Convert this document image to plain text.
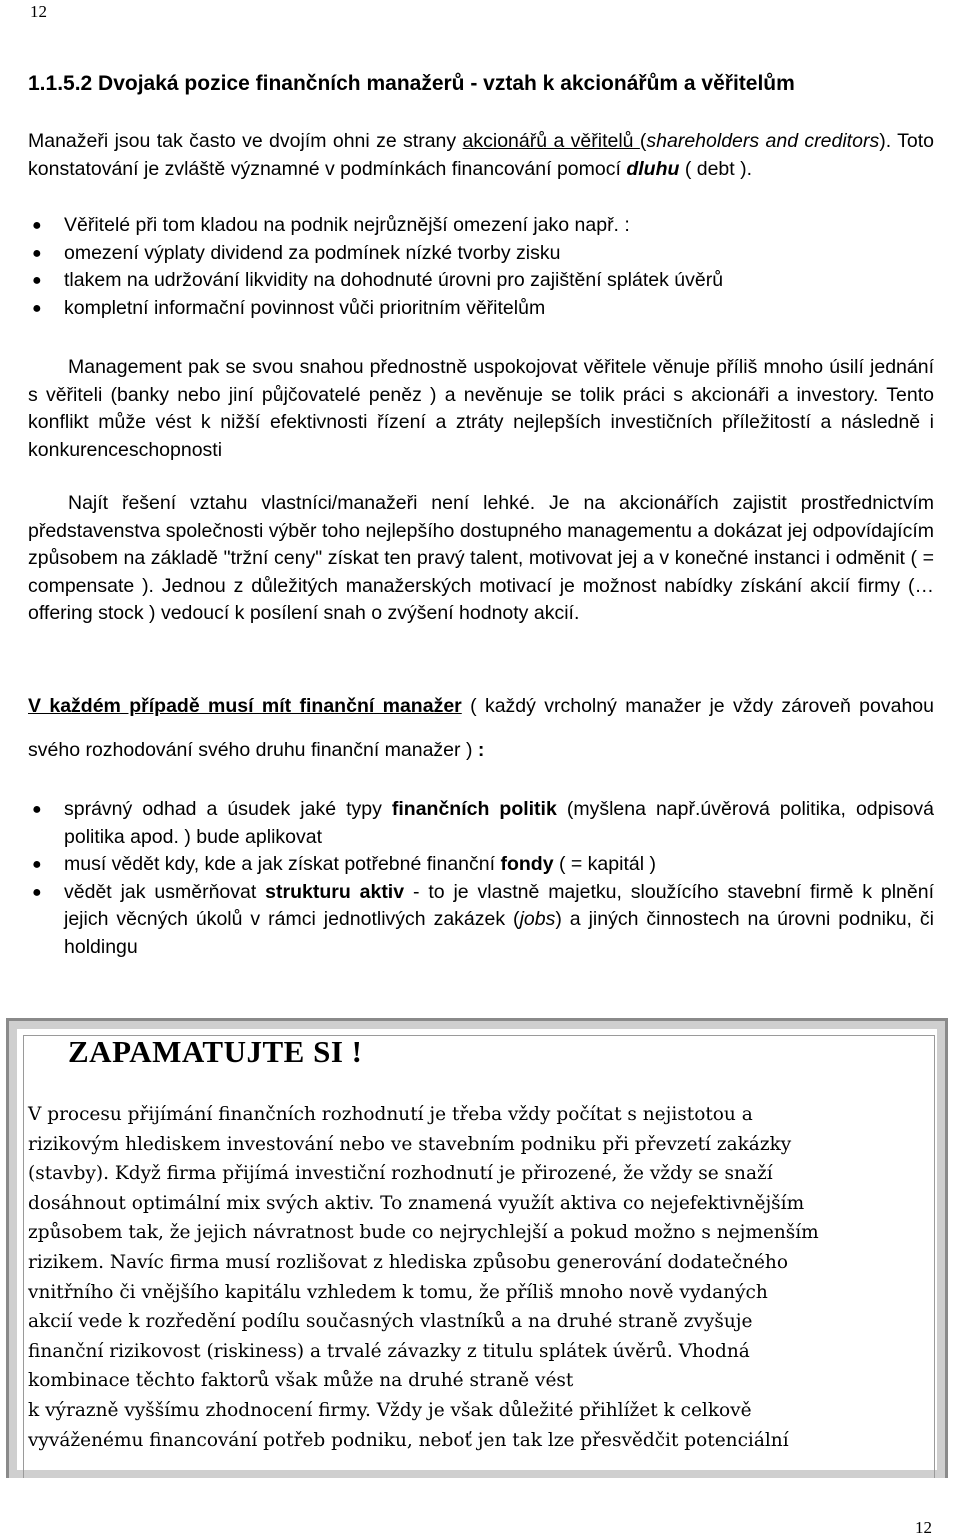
12
1.1.5.2 Dvojaká pozice finančních manažerů - vztah k akcionářům a věřitelům
Manažeři jsou tak často ve dvojím ohni ze strany akcionářů a věřitelů (shareholders and creditors). Toto konstatování je zvláště významné v podmínkách financování pomocí dluhu ( debt ).
● Věřitelé při tom kladou na podnik nejrůznější omezení jako např. :
● omezení výplaty dividend za podmínek nízké tvorby zisku
● tlakem na udržování likvidity na dohodnuté úrovni pro zajištění splátek úvěrů
● kompletní informační povinnost vůči prioritním věřitelům
Management pak se svou snahou přednostně uspokojovat věřitele věnuje příliš mnoho úsilí jednání s věřiteli (banky nebo jiní půjčovatelé peněz ) a nevěnuje se tolik práci s akcionáři a investory. Tento konflikt může vést k nižší efektivnosti řízení a ztráty nejlepších investičních příležitostí a následně i konkurenceschopnosti
Najít řešení vztahu vlastníci/manažeři není lehké. Je na akcionářích zajistit prostřednictvím představenstva společnosti výběr toho nejlepšího dostupného managementu a dokázat jej odpovídajícím způsobem na základě "tržní ceny" získat ten pravý talent, motivovat jej a v konečné instanci i odměnit ( = compensate ). Jednou z důležitých manažerských motivací je možnost nabídky získání akcií firmy (… offering stock ) vedoucí k posílení snah o zvýšení hodnoty akcií.
V každém případě musí mít finanční manažer ( každý vrcholný manažer je vždy zároveň povahou svého rozhodování svého druhu finanční manažer ) :
● správný odhad a úsudek jaké typy finančních politik (myšlena např.úvěrová politika, odpisová politika apod. ) bude aplikovat
● musí vědět kdy, kde a jak získat potřebné finanční fondy ( = kapitál )
● vědět jak usměrňovat strukturu aktiv - to je vlastně majetku, sloužícího stavební firmě k plnění jejich věcných úkolů v rámci jednotlivých zakázek (jobs) a jiných činnostech na úrovni podniku, či holdingu
ZAPAMATUJTE SI !
V procesu přijímání finančních rozhodnutí je třeba vždy počítat s nejistotou a
rizikovým hlediskem investování nebo ve stavebním podniku při převzetí zakázky
(stavby). Když firma přijímá investiční rozhodnutí je přirozené, že vždy se snaží
dosáhnout optimální mix svých aktiv. To znamená využít aktiva co nejefektivnějším
způsobem tak, že jejich návratnost bude co nejrychlejší a pokud možno s nejmenším
rizikem. Navíc firma musí rozlišovat z hlediska způsobu generování dodatečného
vnitřního či vnějšího kapitálu vzhledem k tomu, že příliš mnoho nově vydaných
akcií vede k rozředění podílu současných vlastníků a na druhé straně zvyšuje
finanční rizikovost (riskiness) a trvalé závazky z titulu splátek úvěrů. Vhodná
kombinace těchto faktorů však může na druhé straně vést
k výrazně vyššímu zhodnocení firmy. Vždy je však důležité přihlížet k celkově
vyváženému financování potřeb podniku, neboť jen tak lze přesvědčit potenciální
12
